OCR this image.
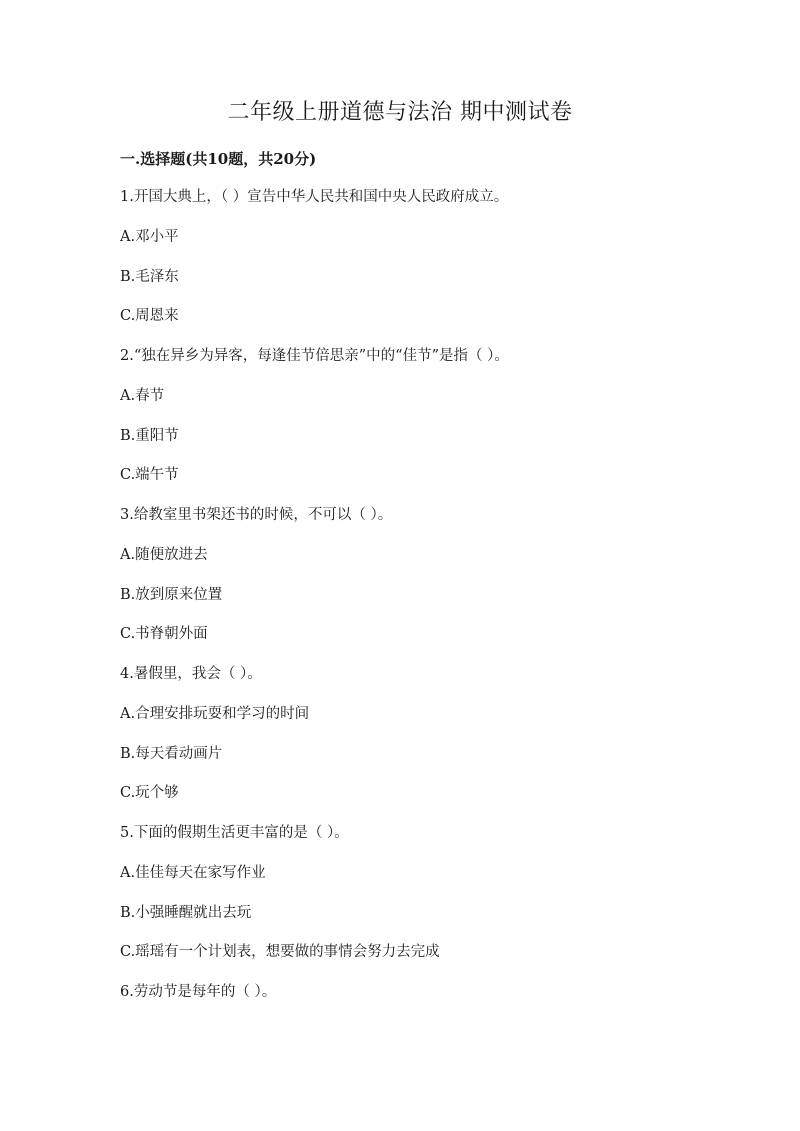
二年级上册道德与法治 期中测试卷
一.选择题(共10题，共20分)
1.开国大典上，（ ）宣告中华人民共和国中央人民政府成立。
A.邓小平
B.毛泽东
C.周恩来
2.“独在异乡为异客，每逢佳节倍思亲”中的“佳节”是指（ ）。
A.春节
B.重阳节
C.端午节
3.给教室里书架还书的时候，不可以（ ）。
A.随便放进去
B.放到原来位置
C.书脊朝外面
4.暑假里，我会（ ）。
A.合理安排玩耍和学习的时间
B.每天看动画片
C.玩个够
5.下面的假期生活更丰富的是（ ）。
A.佳佳每天在家写作业
B.小强睡醒就出去玩
C.瑶瑶有一个计划表，想要做的事情会努力去完成
6.劳动节是每年的（ ）。
